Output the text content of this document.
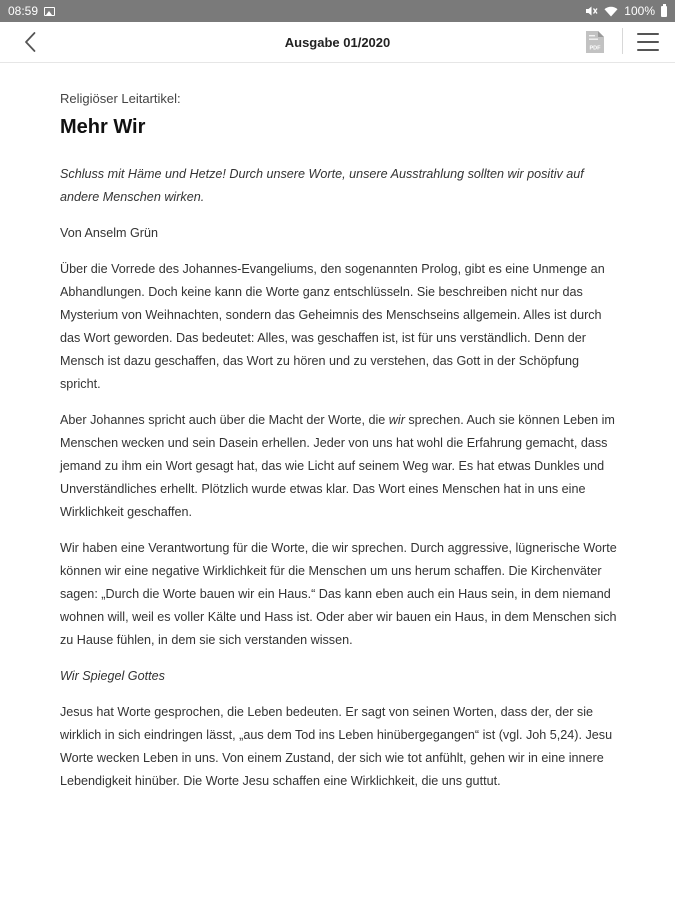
08:59	100%
Ausgabe 01/2020	PDF
Religiöser Leitartikel:
Mehr Wir

Schluss mit Häme und Hetze! Durch unsere Worte, unsere Ausstrahlung sollten wir positiv auf andere Menschen wirken.

Von Anselm Grün

Über die Vorrede des Johannes-Evangeliums, den sogenannten Prolog, gibt es eine Unmenge an Abhandlungen. Doch keine kann die Worte ganz entschlüsseln. Sie beschreiben nicht nur das Mysterium von Weihnachten, sondern das Geheimnis des Menschseins allgemein. Alles ist durch das Wort geworden. Das bedeutet: Alles, was geschaffen ist, ist für uns verständlich. Denn der Mensch ist dazu geschaffen, das Wort zu hören und zu verstehen, das Gott in der Schöpfung spricht.

Aber Johannes spricht auch über die Macht der Worte, die wir sprechen. Auch sie können Leben im Menschen wecken und sein Dasein erhellen. Jeder von uns hat wohl die Erfahrung gemacht, dass jemand zu ihm ein Wort gesagt hat, das wie Licht auf seinem Weg war. Es hat etwas Dunkles und Unverständliches erhellt. Plötzlich wurde etwas klar. Das Wort eines Menschen hat in uns eine Wirklichkeit geschaffen.

Wir haben eine Verantwortung für die Worte, die wir sprechen. Durch aggressive, lügnerische Worte können wir eine negative Wirklichkeit für die Menschen um uns herum schaffen. Die Kirchenväter sagen: „Durch die Worte bauen wir ein Haus.“ Das kann eben auch ein Haus sein, in dem niemand wohnen will, weil es voller Kälte und Hass ist. Oder aber wir bauen ein Haus, in dem Menschen sich zu Hause fühlen, in dem sie sich verstanden wissen.

Wir Spiegel Gottes

Jesus hat Worte gesprochen, die Leben bedeuten. Er sagt von seinen Worten, dass der, der sie wirklich in sich eindringen lässt, „aus dem Tod ins Leben hinübergegangen“ ist (vgl. Joh 5,24). Jesu Worte wecken Leben in uns. Von einem Zustand, der sich wie tot anfühlt, gehen wir in eine innere Lebendigkeit hinüber. Die Worte Jesu schaffen eine Wirklichkeit, die uns guttut.
